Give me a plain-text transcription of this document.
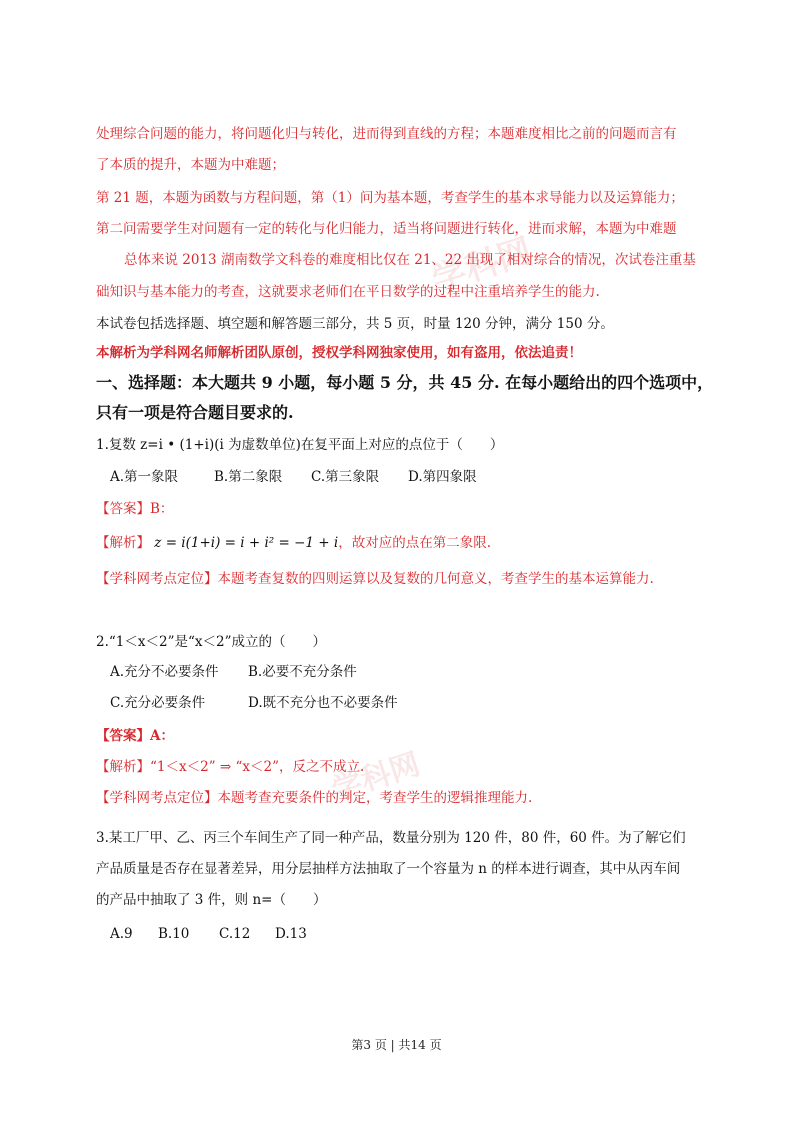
学科网
学科网
处理综合问题的能力，将问题化归与转化，进而得到直线的方程；本题难度相比之前的问题而言有
了本质的提升，本题为中难题；
第 21 题，本题为函数与方程问题，第（1）问为基本题，考查学生的基本求导能力以及运算能力；
第二问需要学生对问题有一定的转化与化归能力，适当将问题进行转化，进而求解，本题为中难题
总体来说 2013 湖南数学文科卷的难度相比仅在 21、22 出现了相对综合的情况，次试卷注重基
础知识与基本能力的考查，这就要求老师们在平日数学的过程中注重培养学生的能力.
本试卷包括选择题、填空题和解答题三部分，共 5 页，时量 120 分钟，满分 150 分。
本解析为学科网名师解析团队原创，授权学科网独家使用，如有盗用，依法追责！
一、选择题：本大题共 9 小题，每小题 5 分，共 45 分. 在每小题给出的四个选项中，
只有一项是符合题目要求的.
1.复数 z=i • (1+i)(i 为虚数单位)在复平面上对应的点位于（　　）
A.第一象限	B.第二象限 C.第三象限 D.第四象限
【答案】B：
【解析】 z = i(1+i) = i + i² = −1 + i，故对应的点在第二象限.
【学科网考点定位】本题考查复数的四则运算以及复数的几何意义，考查学生的基本运算能力.
2.“1＜x＜2”是“x＜2”成立的（　　）
A.充分不必要条件 B.必要不充分条件
C.充分必要条件	D.既不充分也不必要条件
【答案】A：
【解析】“1＜x＜2” ⇒ “x＜2”，反之不成立.
【学科网考点定位】本题考查充要条件的判定，考查学生的逻辑推理能力.
3.某工厂甲、乙、丙三个车间生产了同一种产品，数量分别为 120 件，80 件，60 件。为了解它们
产品质量是否存在显著差异，用分层抽样方法抽取了一个容量为 n 的样本进行调查，其中从丙车间
的产品中抽取了 3 件，则 n=（　　）
A.9 B.10 C.12 D.13
第3 页 | 共14 页
